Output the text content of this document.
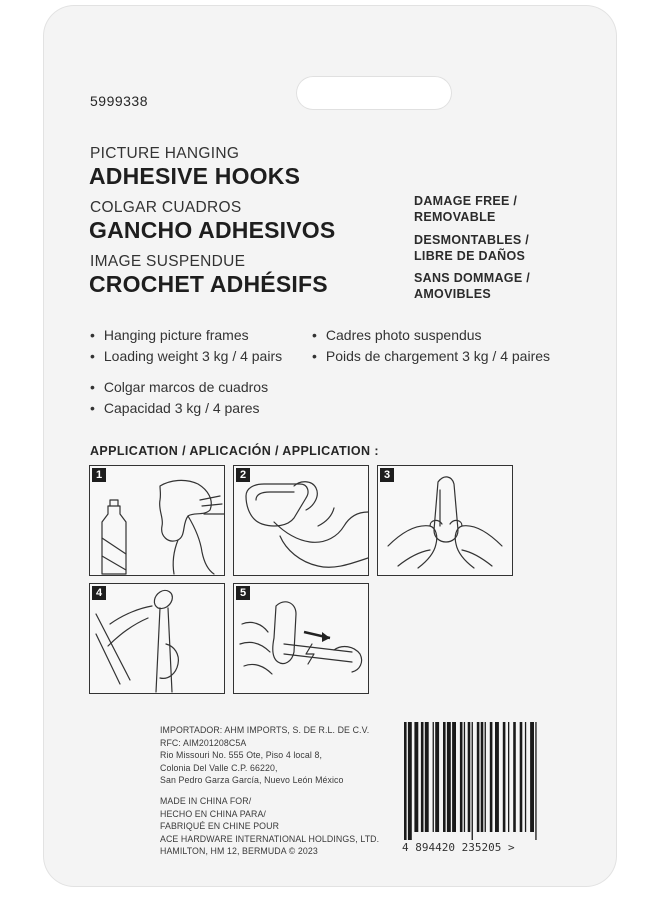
5999338
PICTURE HANGING
ADHESIVE HOOKS
COLGAR CUADROS
GANCHO ADHESIVOS
IMAGE SUSPENDUE
CROCHET ADHÉSIFS
DAMAGE FREE /
REMOVABLE
DESMONTABLES /
LIBRE DE DAÑOS
SANS DOMMAGE /
AMOVIBLES
• Hanging picture frames
• Loading weight 3 kg / 4 pairs
• Cadres photo suspendus
• Poids de chargement 3 kg / 4 paires
• Colgar marcos de cuadros
• Capacidad 3 kg / 4 pares
APPLICATION / APLICACIÓN / APPLICATION :
1	2	3
4	5
IMPORTADOR: AHM IMPORTS, S. DE R.L. DE C.V.
RFC: AIM201208C5A
Rio Missouri No. 555 Ote, Piso 4 local 8,
Colonia Del Valle C.P. 66220,
San Pedro Garza García, Nuevo León México
MADE IN CHINA FOR/
HECHO EN CHINA PARA/
FABRIQUÉ EN CHINE POUR
ACE HARDWARE INTERNATIONAL HOLDINGS, LTD.
HAMILTON, HM 12, BERMUDA © 2023	4 894420 235205 >
